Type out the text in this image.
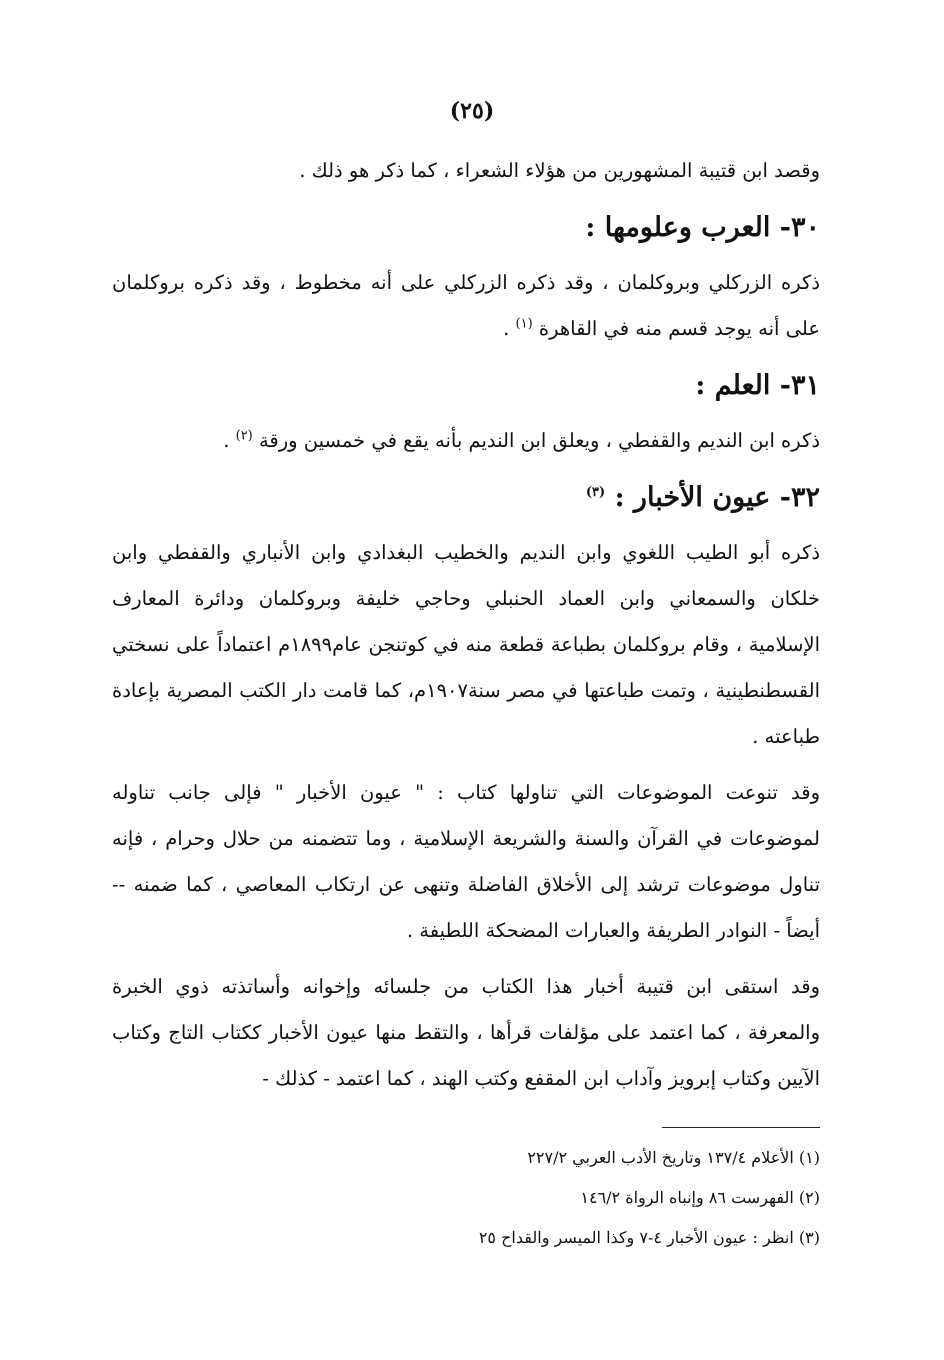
(٢٥)

وقصد ابن قتيبة المشهورين من هؤلاء الشعراء ، كما ذكر هو ذلك .

٣٠- العرب وعلومها :

ذكره الزركلي وبروكلمان ، وقد ذكره الزركلي على أنه مخطوط ، وقد ذكره بروكلمان على أنه يوجد قسم منه في القاهرة $^{(١)}$ .

٣١- العلم :

ذكره ابن النديم والقفطي ، ويعلق ابن النديم بأنه يقع في خمسين ورقة $^{(٢)}$ .

٣٢- عيون الأخبار : $^{(٣)}$

ذكره أبو الطيب اللغوي وابن النديم والخطيب البغدادي وابن الأنباري والقفطي وابن خلكان والسمعاني وابن العماد الحنبلي وحاجي خليفة وبروكلمان ودائرة المعارف الإسلامية ، وقام بروكلمان بطباعة قطعة منه في كوتنجن عام١٨٩٩م اعتماداً على نسختي القسطنطينية ، وتمت طباعتها في مصر سنة١٩٠٧م، كما قامت دار الكتب المصرية بإعادة طباعته .

وقد تنوعت الموضوعات التي تناولها كتاب : " عيون الأخبار " فإلى جانب تناوله لموضوعات في القرآن والسنة والشريعة الإسلامية ، وما تتضمنه من حلال وحرام ، فإنه تناول موضوعات ترشد إلى الأخلاق الفاضلة وتنهى عن ارتكاب المعاصي ، كما ضمنه -- أيضاً - النوادر الطريفة والعبارات المضحكة اللطيفة .

وقد استقى ابن قتيبة أخبار هذا الكتاب من جلسائه وإخوانه وأساتذته ذوي الخبرة والمعرفة ، كما اعتمد على مؤلفات قرأها ، والتقط منها عيون الأخبار ككتاب التاج وكتاب الآيين وكتاب إبرويز وآداب ابن المقفع وكتب الهند ، كما اعتمد - كذلك -

(١) الأعلام ١٣٧/٤ وتاريخ الأدب العربي ٢٢٧/٢

(٢) الفهرست ٨٦ وإنباه الرواة ١٤٦/٢

(٣) انظر : عيون الأخبار ٤-٧ وكذا الميسر والقداح ٢٥
